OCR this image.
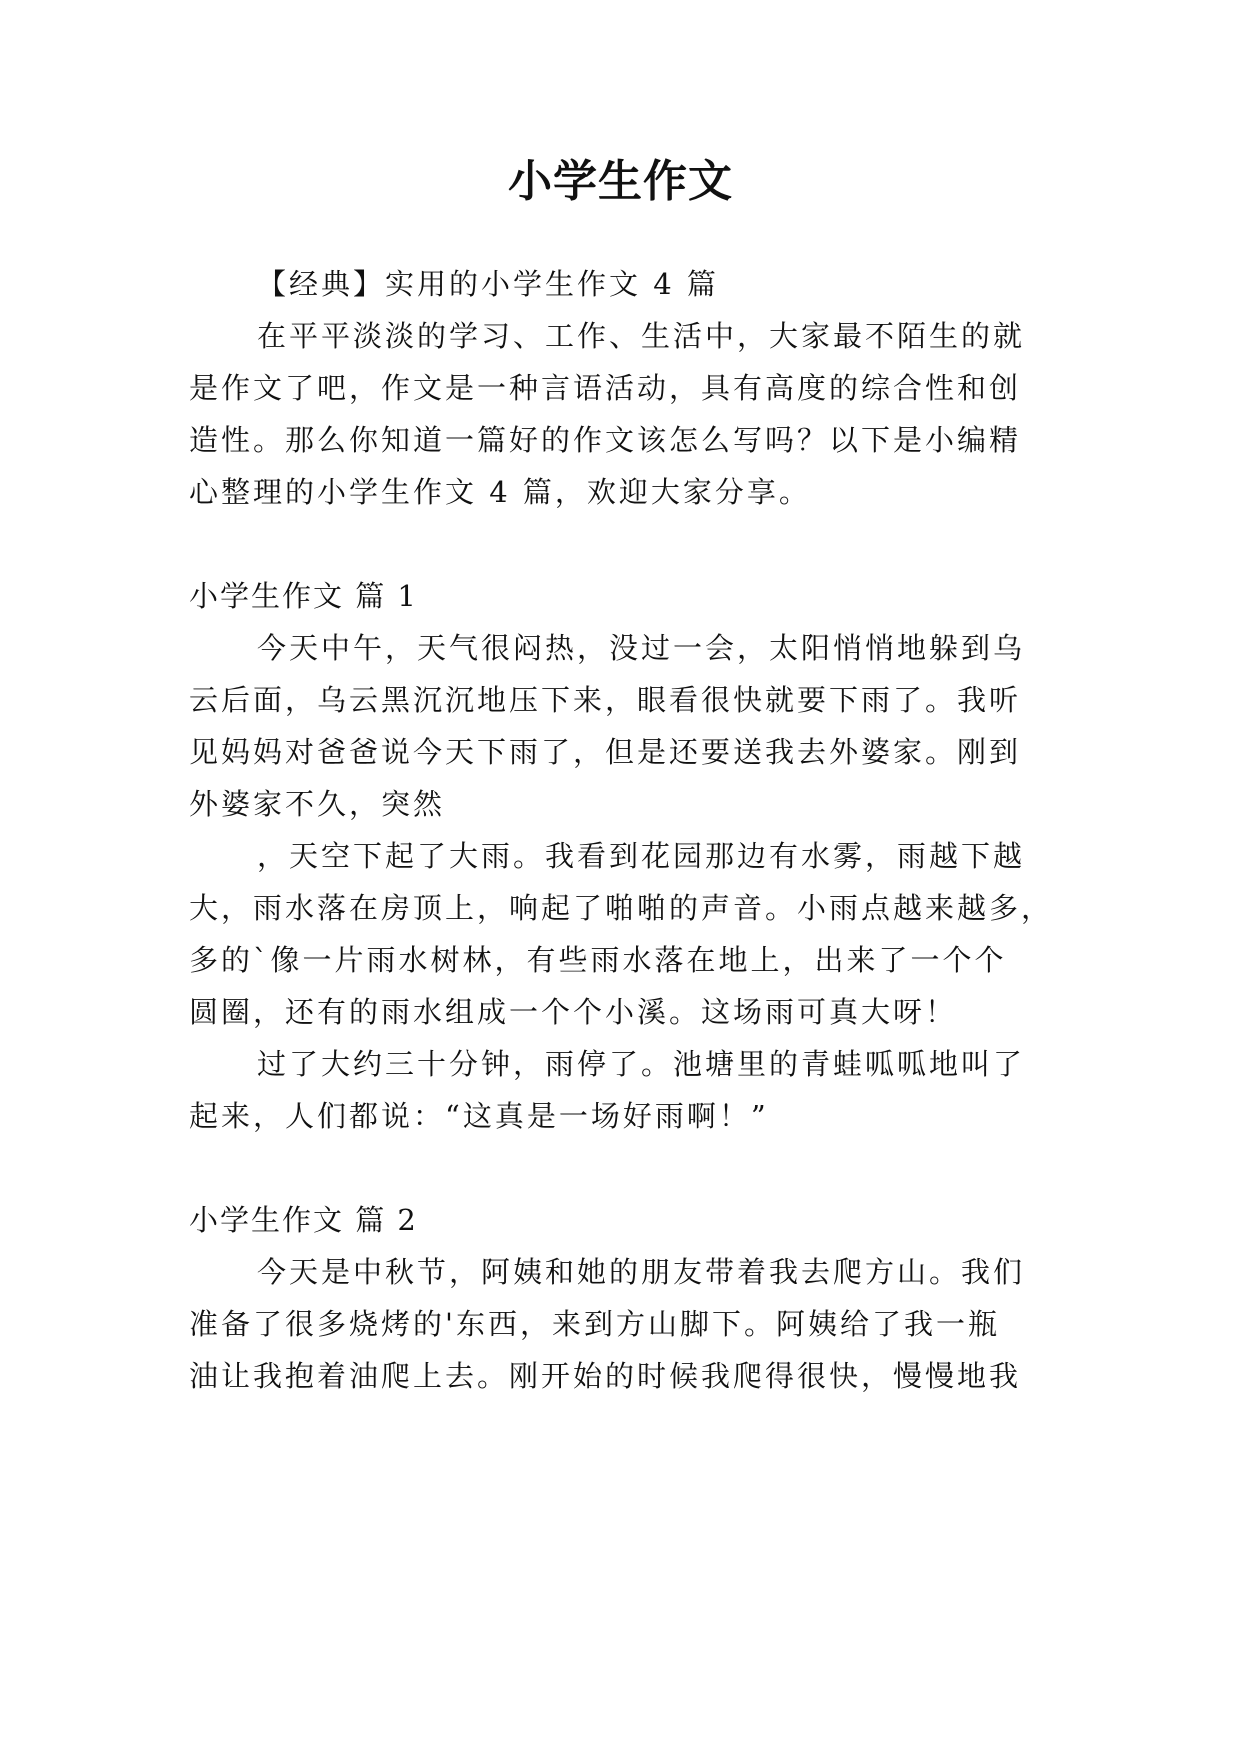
小学生作文
【经典】实用的小学生作文 4 篇
在平平淡淡的学习、工作、生活中，大家最不陌生的就
是作文了吧，作文是一种言语活动，具有高度的综合性和创
造性。那么你知道一篇好的作文该怎么写吗？以下是小编精
心整理的小学生作文 4 篇，欢迎大家分享。
小学生作文 篇 1
今天中午，天气很闷热，没过一会，太阳悄悄地躲到乌
云后面，乌云黑沉沉地压下来，眼看很快就要下雨了。我听
见妈妈对爸爸说今天下雨了，但是还要送我去外婆家。刚到
外婆家不久，突然
，天空下起了大雨。我看到花园那边有水雾，雨越下越
大，雨水落在房顶上，响起了啪啪的声音。小雨点越来越多，
多的`像一片雨水树林，有些雨水落在地上，出来了一个个
圆圈，还有的雨水组成一个个小溪。这场雨可真大呀！
过了大约三十分钟，雨停了。池塘里的青蛙呱呱地叫了
起来，人们都说：“这真是一场好雨啊！”
小学生作文 篇 2
今天是中秋节，阿姨和她的朋友带着我去爬方山。我们
准备了很多烧烤的'东西，来到方山脚下。阿姨给了我一瓶
油让我抱着油爬上去。刚开始的时候我爬得很快，慢慢地我
